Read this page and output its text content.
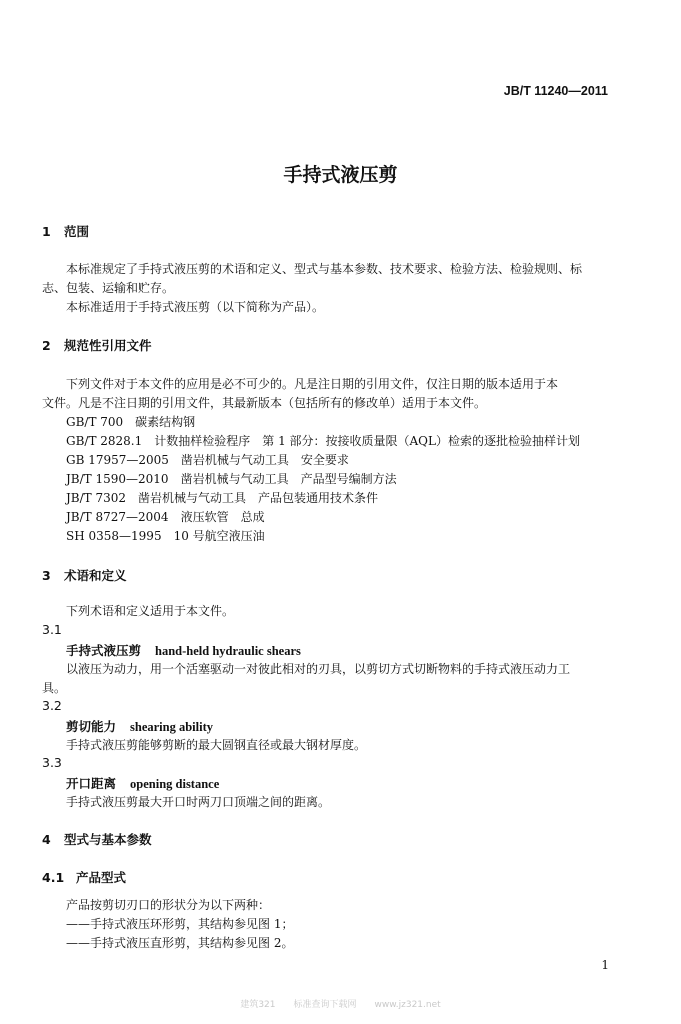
JB/T 11240—2011
手持式液压剪
1 范围
本标准规定了手持式液压剪的术语和定义、型式与基本参数、技术要求、检验方法、检验规则、标
志、包装、运输和贮存。
本标准适用于手持式液压剪（以下简称为产品）。
2 规范性引用文件
下列文件对于本文件的应用是必不可少的。凡是注日期的引用文件，仅注日期的版本适用于本
文件。凡是不注日期的引用文件，其最新版本（包括所有的修改单）适用于本文件。
GB/T 700　碳素结构钢
GB/T 2828.1　计数抽样检验程序　第 1 部分：按接收质量限（AQL）检索的逐批检验抽样计划
GB 17957—2005　凿岩机械与气动工具　安全要求
JB/T 1590—2010　凿岩机械与气动工具　产品型号编制方法
JB/T 7302　凿岩机械与气动工具　产品包装通用技术条件
JB/T 8727—2004　液压软管　总成
SH 0358—1995　10 号航空液压油
3 术语和定义
下列术语和定义适用于本文件。
3.1
手持式液压剪 hand-held hydraulic shears
以液压为动力，用一个活塞驱动一对彼此相对的刃具，以剪切方式切断物料的手持式液压动力工
具。
3.2
剪切能力 shearing ability
手持式液压剪能够剪断的最大圆钢直径或最大钢材厚度。
3.3
开口距离 opening distance
手持式液压剪最大开口时两刀口顶端之间的距离。
4 型式与基本参数
4.1 产品型式
产品按剪切刃口的形状分为以下两种：
——手持式液压环形剪，其结构参见图 1；
——手持式液压直形剪，其结构参见图 2。
1
建筑321　　标准查询下载网　　www.jz321.net
